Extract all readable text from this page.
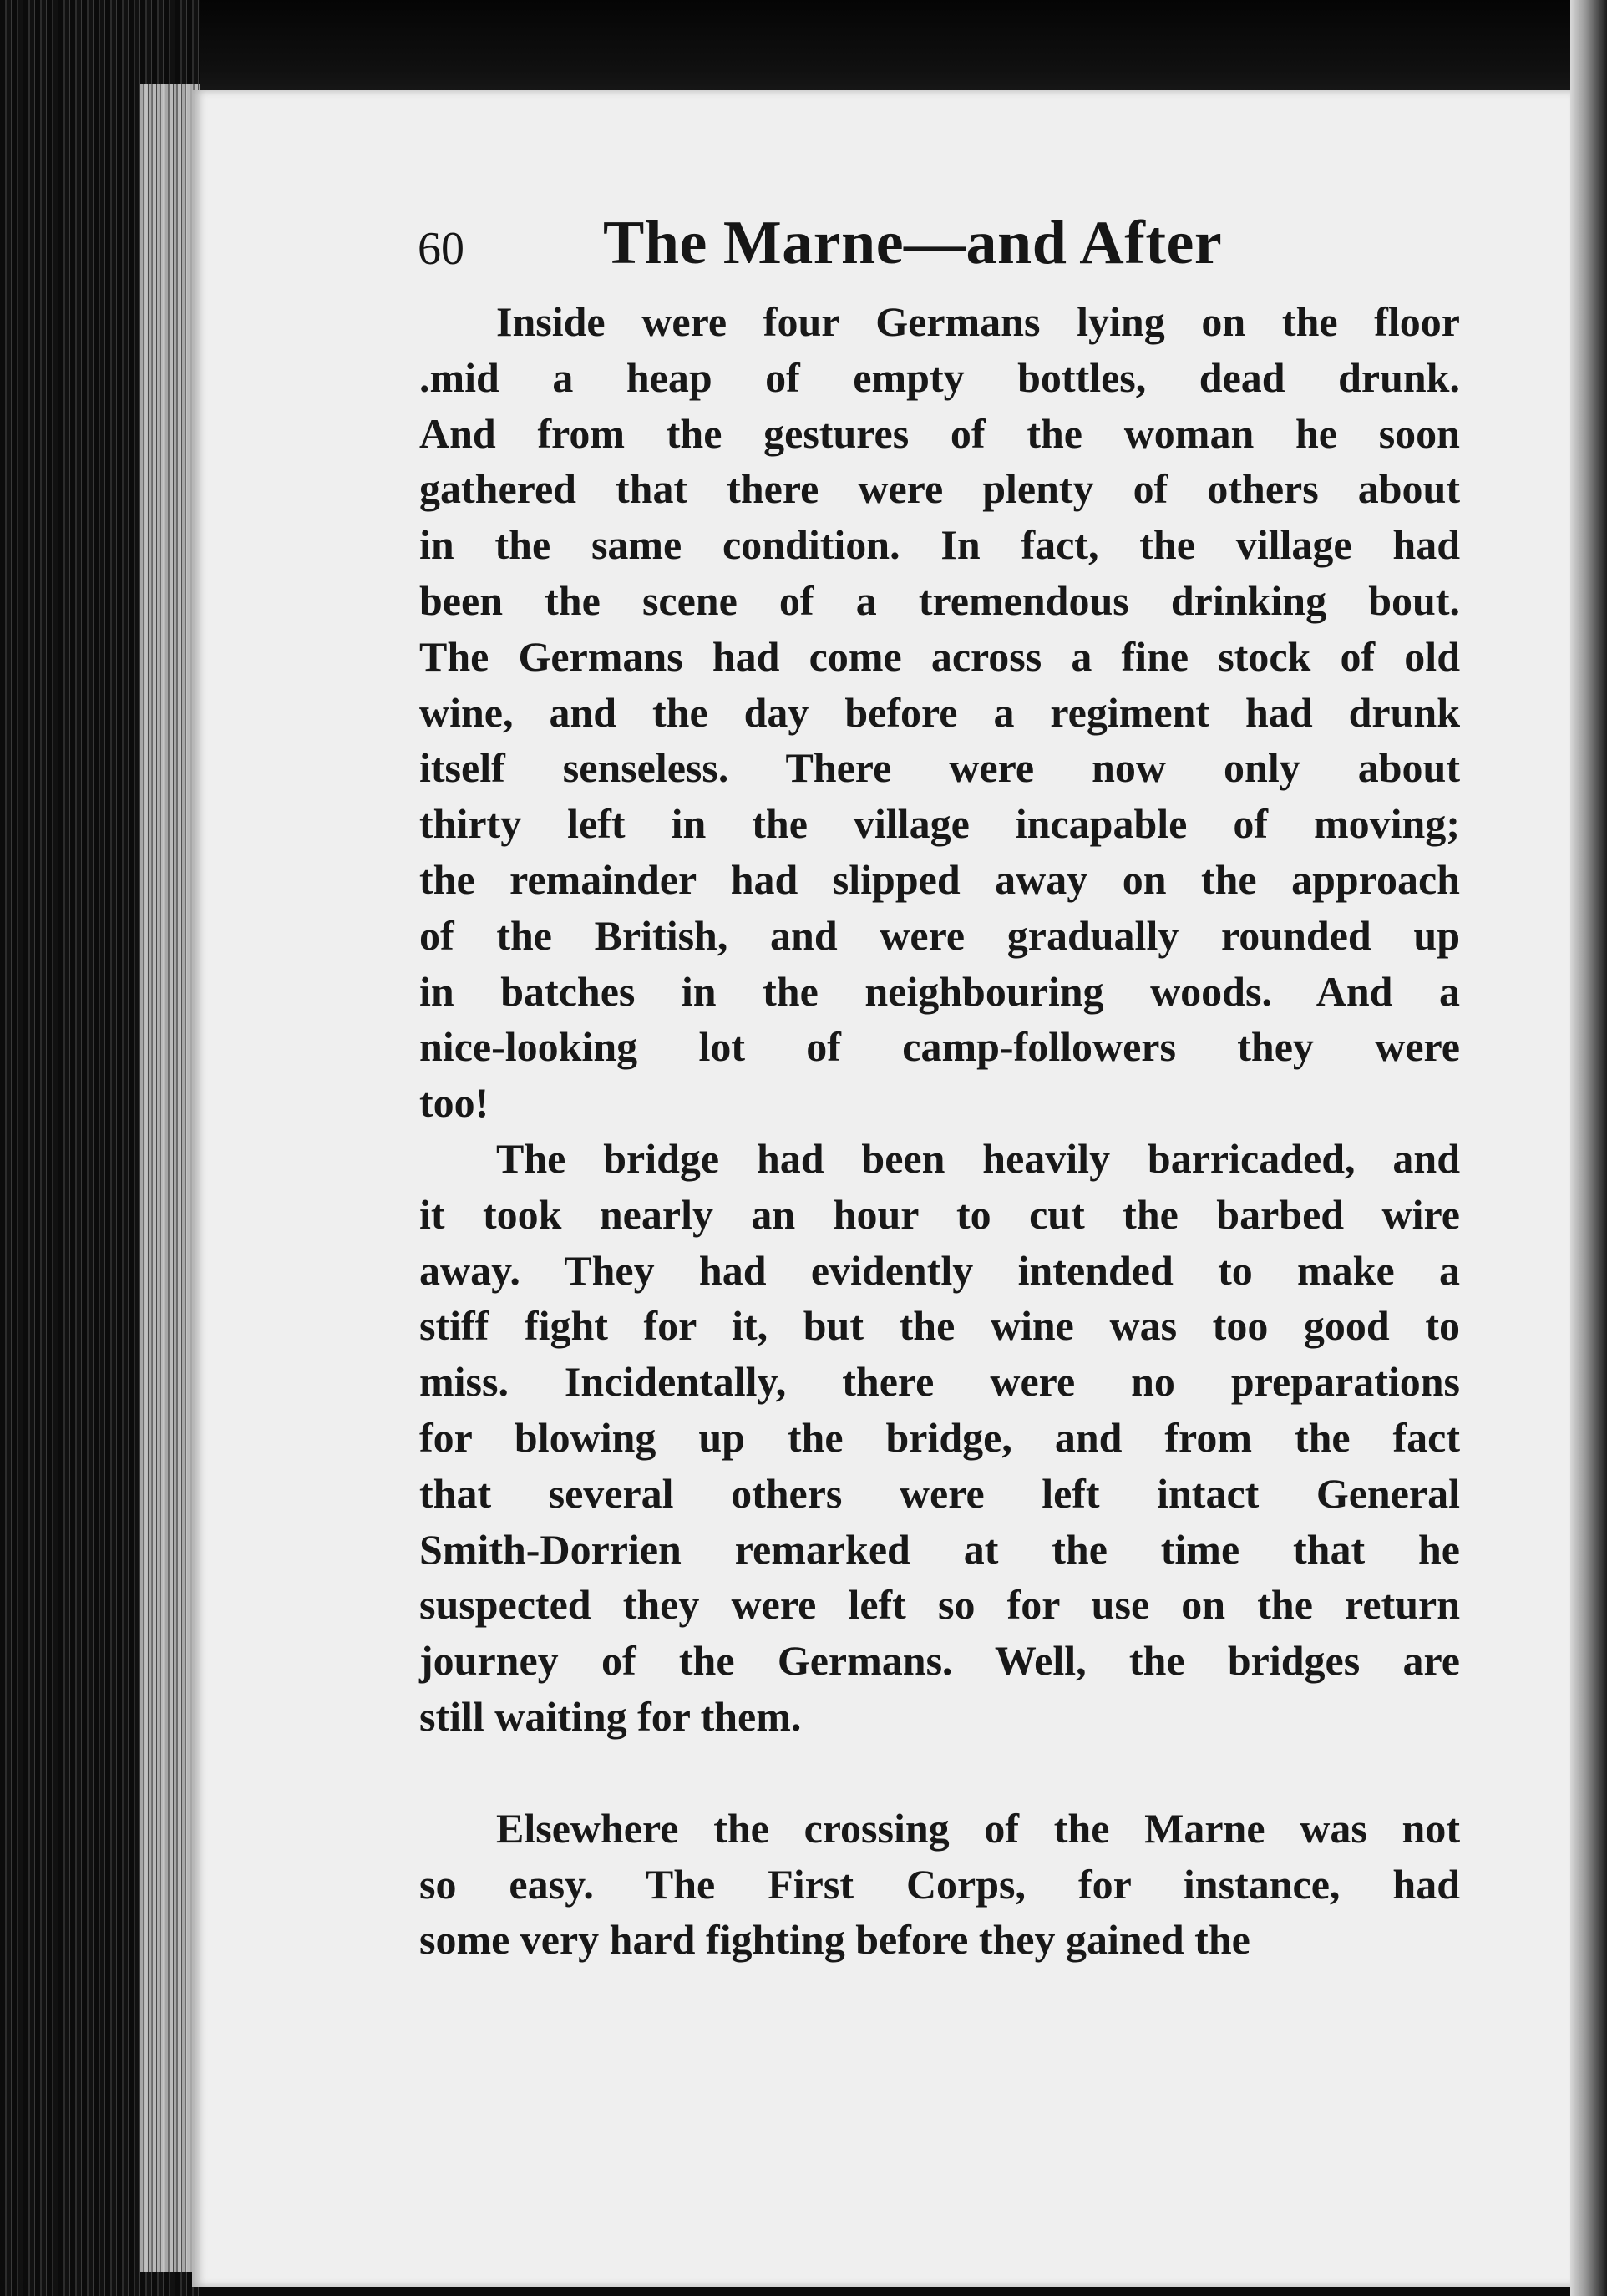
60 The Marne—and After
Inside were four Germans lying on the floor
.mid a heap of empty bottles, dead drunk.
And from the gestures of the woman he soon
gathered that there were plenty of others about
in the same condition. In fact, the village had
been the scene of a tremendous drinking bout.
The Germans had come across a fine stock of old
wine, and the day before a regiment had drunk
itself senseless. There were now only about
thirty left in the village incapable of moving;
the remainder had slipped away on the approach
of the British, and were gradually rounded up
in batches in the neighbouring woods. And a
nice-looking lot of camp-followers they were
too!
The bridge had been heavily barricaded, and
it took nearly an hour to cut the barbed wire
away. They had evidently intended to make a
stiff fight for it, but the wine was too good to
miss. Incidentally, there were no preparations
for blowing up the bridge, and from the fact
that several others were left intact General
Smith-Dorrien remarked at the time that he
suspected they were left so for use on the return
journey of the Germans. Well, the bridges are
still waiting for them.
Elsewhere the crossing of the Marne was not
so easy. The First Corps, for instance, had
some very hard fighting before they gained the
